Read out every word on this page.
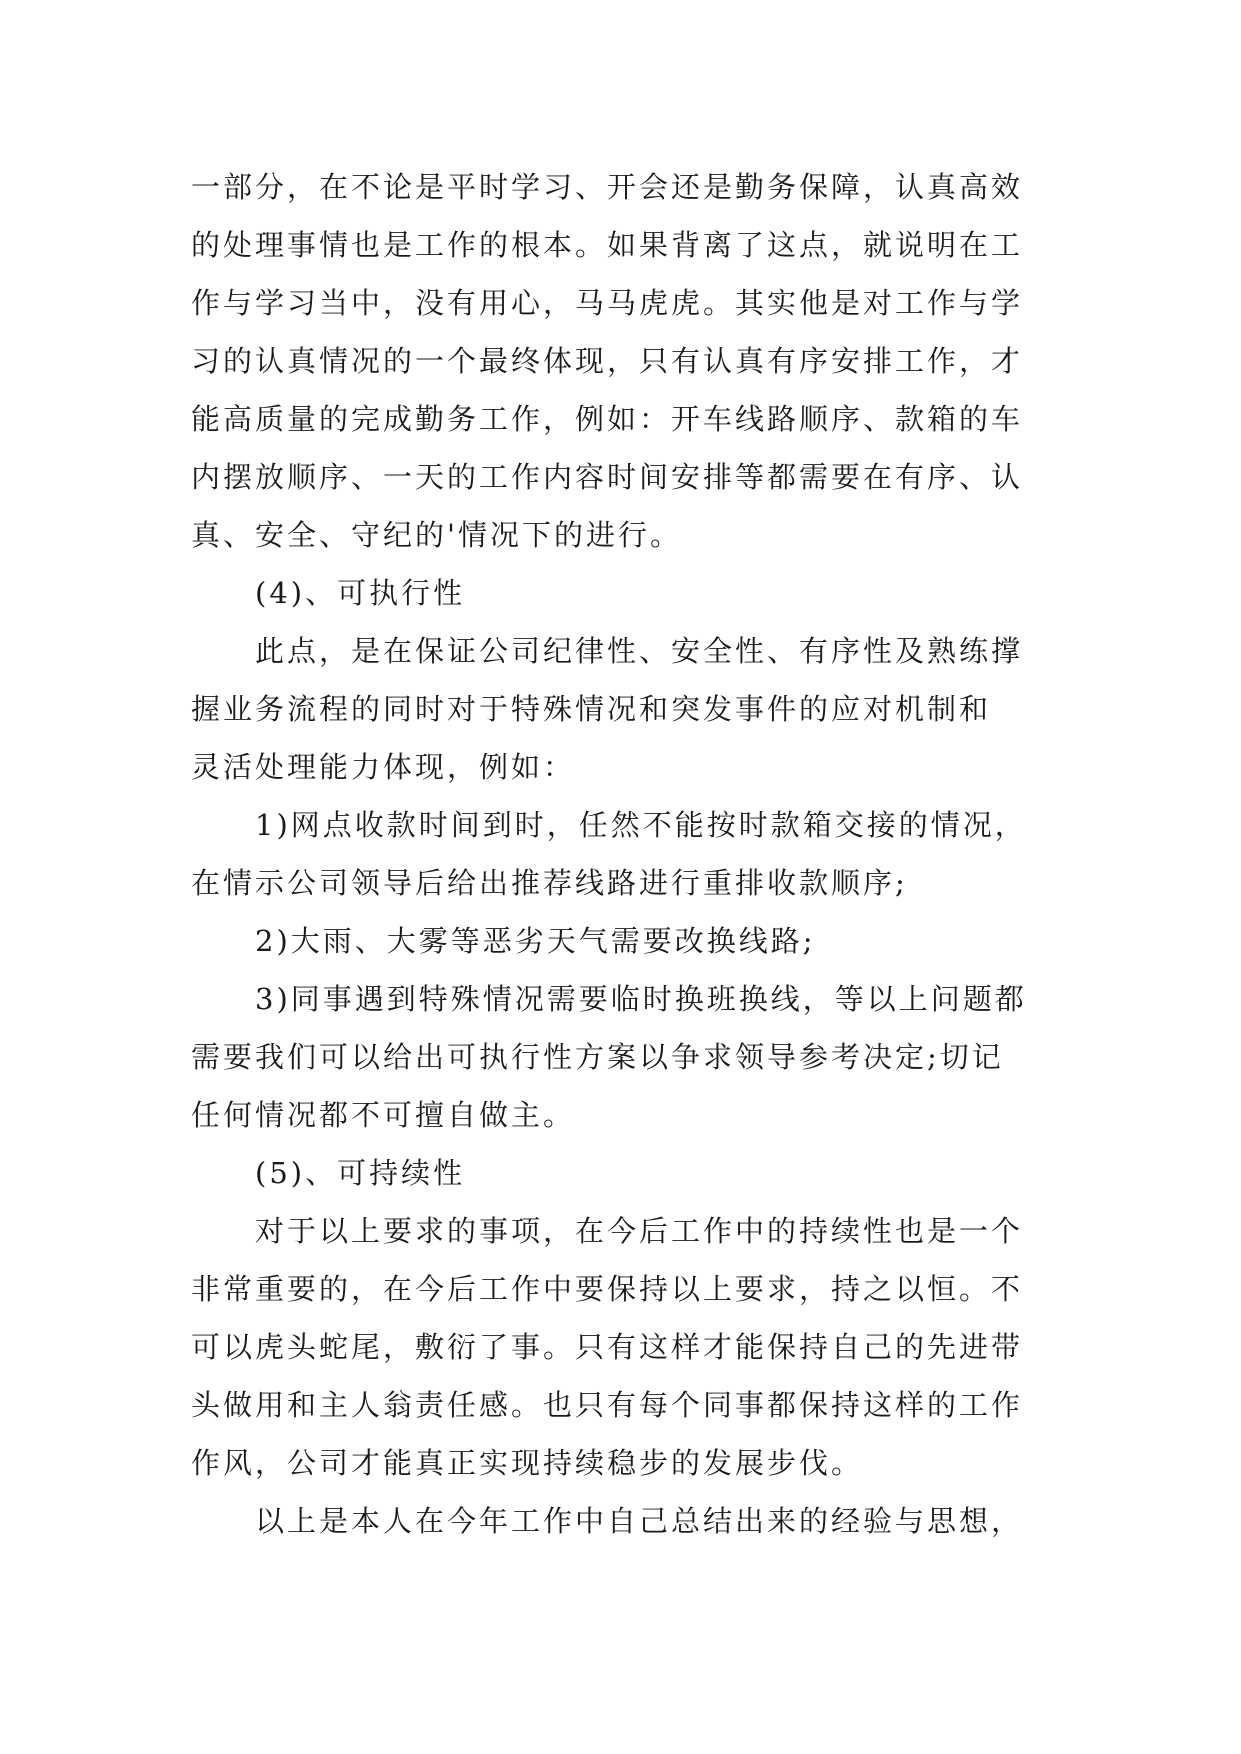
一部分，在不论是平时学习、开会还是勤务保障，认真高效
的处理事情也是工作的根本。如果背离了这点，就说明在工
作与学习当中，没有用心，马马虎虎。其实他是对工作与学
习的认真情况的一个最终体现，只有认真有序安排工作，才
能高质量的完成勤务工作，例如：开车线路顺序、款箱的车
内摆放顺序、一天的工作内容时间安排等都需要在有序、认
真、安全、守纪的'情况下的进行。
(4)、可执行性
此点，是在保证公司纪律性、安全性、有序性及熟练撑
握业务流程的同时对于特殊情况和突发事件的应对机制和
灵活处理能力体现，例如：
1)网点收款时间到时，任然不能按时款箱交接的情况，
在情示公司领导后给出推荐线路进行重排收款顺序;
2)大雨、大雾等恶劣天气需要改换线路;
3)同事遇到特殊情况需要临时换班换线，等以上问题都
需要我们可以给出可执行性方案以争求领导参考决定;切记
任何情况都不可擅自做主。
(5)、可持续性
对于以上要求的事项，在今后工作中的持续性也是一个
非常重要的，在今后工作中要保持以上要求，持之以恒。不
可以虎头蛇尾，敷衍了事。只有这样才能保持自己的先进带
头做用和主人翁责任感。也只有每个同事都保持这样的工作
作风，公司才能真正实现持续稳步的发展步伐。
以上是本人在今年工作中自己总结出来的经验与思想，
